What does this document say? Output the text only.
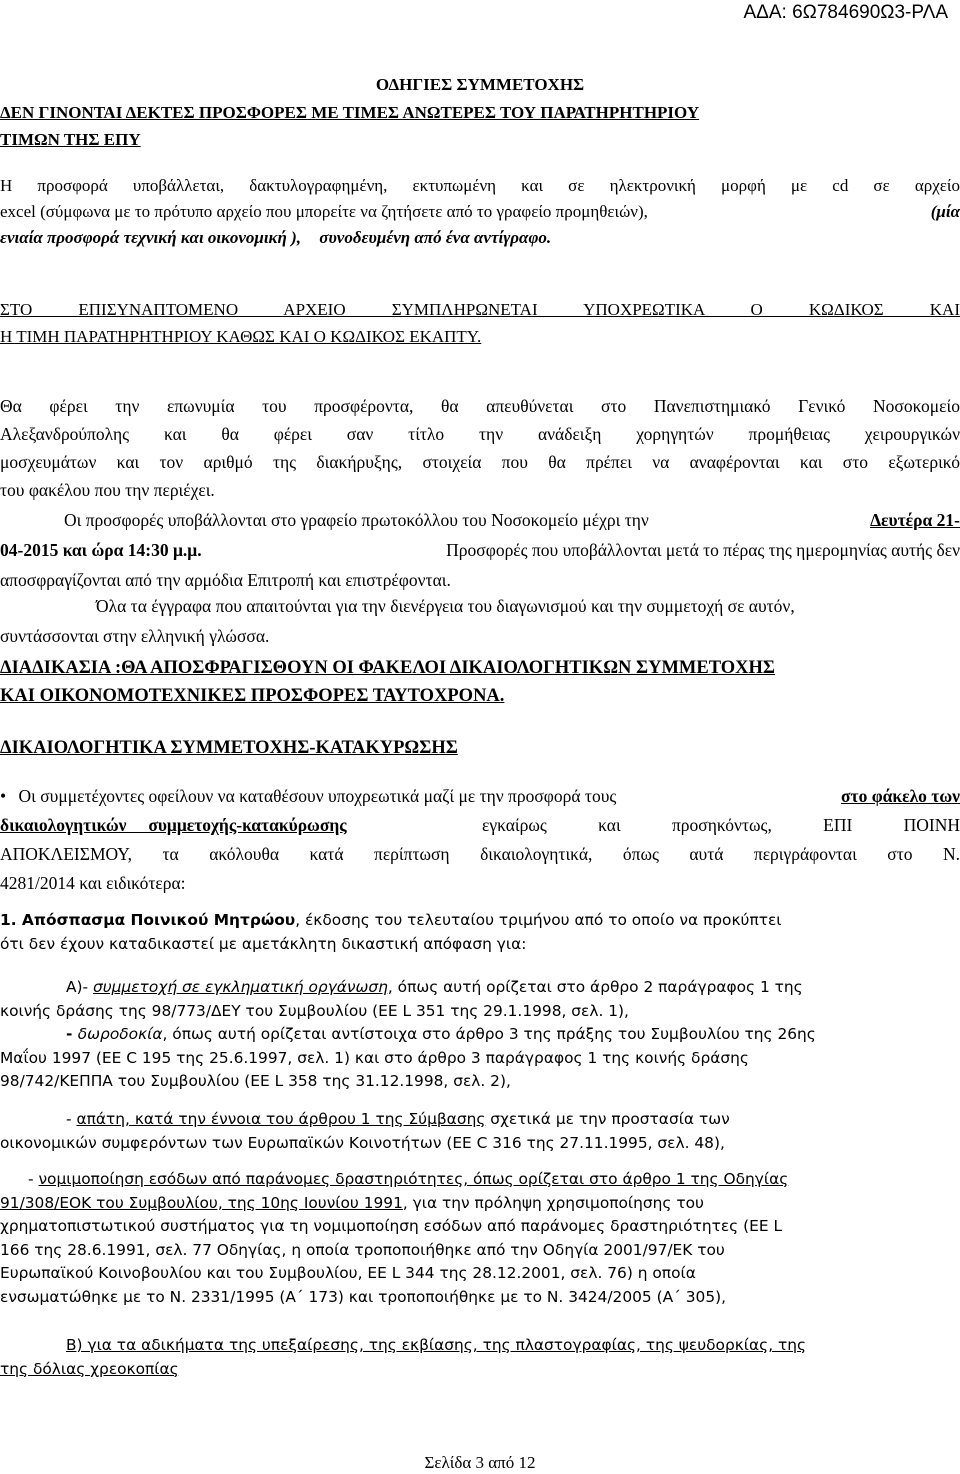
ΑΔΑ: 6Ω784690Ω3-ΡΛΑ
ΟΔΗΓΙΕΣ ΣΥΜΜΕΤΟΧΗΣ
ΔΕΝ ΓΙΝΟΝΤΑΙ ΔΕΚΤΕΣ ΠΡΟΣΦΟΡΕΣ ΜΕ ΤΙΜΕΣ ΑΝΩΤΕΡΕΣ ΤΟΥ ΠΑΡΑΤΗΡΗΤΗΡΙΟΥ
ΤΙΜΩΝ ΤΗΣ ΕΠΥ
Η προσφορά υποβάλλεται, δακτυλογραφημένη, εκτυπωμένη και σε ηλεκτρονική μορφή με cd σε αρχείο
excel (σύμφωνα με το πρότυπο αρχείο που μπορείτε να ζητήσετε από το γραφείο προμηθειών),	(μία
ενιαία προσφορά τεχνική και οικονομική ), συνοδευμένη από ένα αντίγραφο.
ΣΤΟ ΕΠΙΣΥΝΑΠΤΟΜΕΝΟ ΑΡΧΕΙΟ ΣΥΜΠΛΗΡΩΝΕΤΑΙ ΥΠΟΧΡΕΩΤΙΚΑ Ο ΚΩΔΙΚΟΣ ΚΑΙ
Η ΤΙΜΗ ΠΑΡΑΤΗΡΗΤΗΡΙΟΥ ΚΑΘΩΣ ΚΑΙ Ο ΚΩΔΙΚΟΣ ΕΚΑΠΤΥ.
Θα φέρει την επωνυμία του προσφέροντα, θα απευθύνεται στο Πανεπιστημιακό Γενικό Νοσοκομείο
Αλεξανδρούπολης και θα φέρει σαν τίτλο την ανάδειξη χορηγητών προμήθειας χειρουργικών
μοσχευμάτων και τον αριθμό της διακήρυξης, στοιχεία που θα πρέπει να αναφέρονται και στο εξωτερικό
του φακέλου που την περιέχει.
Οι προσφορές υποβάλλονται στο γραφείο πρωτοκόλλου του Νοσοκομείο μέχρι την	Δευτέρα 21-
04-2015 και ώρα 14:30 μ.μ.	Προσφορές που υποβάλλονται μετά το πέρας της ημερομηνίας αυτής δεν
αποσφραγίζονται από την αρμόδια Επιτροπή και επιστρέφονται.
Όλα τα έγγραφα που απαιτούνται για την διενέργεια του διαγωνισμού και την συμμετοχή σε αυτόν,
συντάσσονται στην ελληνική γλώσσα.
ΔΙΑΔΙΚΑΣΙΑ :ΘΑ ΑΠΟΣΦΡΑΓΙΣΘΟΥΝ ΟΙ ΦΑΚΕΛΟΙ ΔΙΚΑΙΟΛΟΓΗΤΙΚΩΝ ΣΥΜΜΕΤΟΧΗΣ
ΚΑΙ ΟΙΚΟΝΟΜΟΤΕΧΝΙΚΕΣ ΠΡΟΣΦΟΡΕΣ ΤΑΥΤΟΧΡΟΝΑ.
ΔΙΚΑΙΟΛΟΓΗΤΙΚΑ ΣΥΜΜΕΤΟΧΗΣ-ΚΑΤΑΚΥΡΩΣΗΣ
• Οι συμμετέχοντες οφείλουν να καταθέσουν υποχρεωτικά μαζί με την προσφορά τους	στο φάκελο των
δικαιολογητικών     συμμετοχής-κατακύρωσης	εγκαίρως και προσηκόντως, ΕΠΙ ΠΟΙΝΗ
ΑΠΟΚΛΕΙΣΜΟΥ, τα ακόλουθα κατά περίπτωση δικαιολογητικά, όπως αυτά περιγράφονται στο Ν.
4281/2014 και ειδικότερα:
1. Απόσπασμα Ποινικού Μητρώου, έκδοσης του τελευταίου τριμήνου από το οποίο να προκύπτει
ότι δεν έχουν καταδικαστεί με αμετάκλητη δικαστική απόφαση για:
Α)- συμμετοχή σε εγκληματική οργάνωση, όπως αυτή ορίζεται στο άρθρο 2 παράγραφος 1 της
κοινής δράσης της 98/773/ΔΕΥ του Συμβουλίου (ΕΕ L 351 της 29.1.1998, σελ. 1),
- δωροδοκία, όπως αυτή ορίζεται αντίστοιχα στο άρθρο 3 της πράξης του Συμβουλίου της 26ης
Μαΐου 1997 (ΕΕ C 195 της 25.6.1997, σελ. 1) και στο άρθρο 3 παράγραφος 1 της κοινής δράσης
98/742/ΚΕΠΠΑ του Συμβουλίου (ΕΕ L 358 της 31.12.1998, σελ. 2),
- απάτη, κατά την έννοια του άρθρου 1 της Σύμβασης σχετικά με την προστασία των
οικονομικών συμφερόντων των Ευρωπαϊκών Κοινοτήτων (ΕΕ C 316 της 27.11.1995, σελ. 48),
- νομιμοποίηση εσόδων από παράνομες δραστηριότητες, όπως ορίζεται στο άρθρο 1 της Οδηγίας
91/308/ΕΟΚ του Συμβουλίου, της 10ης Ιουνίου 1991, για την πρόληψη χρησιμοποίησης του
χρηματοπιστωτικού συστήματος για τη νομιμοποίηση εσόδων από παράνομες δραστηριότητες (ΕΕ L
166 της 28.6.1991, σελ. 77 Οδηγίας, η οποία τροποποιήθηκε από την Οδηγία 2001/97/ΕΚ του
Ευρωπαϊκού Κοινοβουλίου και του Συμβουλίου, ΕΕ L 344 της 28.12.2001, σελ. 76) η οποία
ενσωματώθηκε με το Ν. 2331/1995 (Α΄ 173) και τροποποιήθηκε με το Ν. 3424/2005 (Α΄ 305),
Β) για τα αδικήματα της υπεξαίρεσης, της εκβίασης, της πλαστογραφίας, της ψευδορκίας, της
της δόλιας χρεοκοπίας
Σελίδα 3 από 12
